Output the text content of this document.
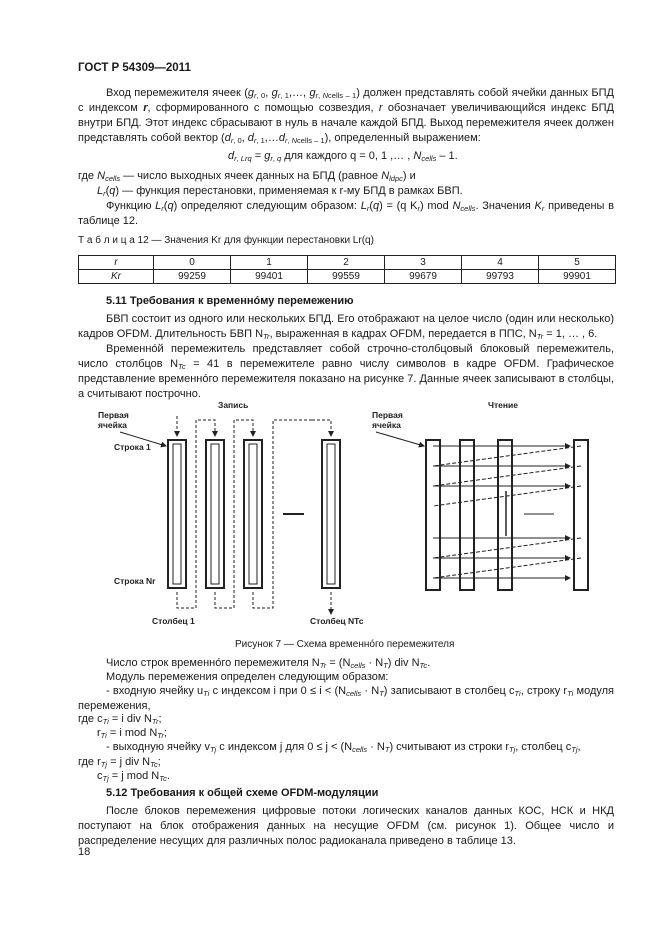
ГОСТ Р 54309—2011
Вход перемежителя ячеек ($g_{r, 0}$, $g_{r, 1},\dots$, $g_{r, Ncells - 1}$) должен представлять собой ячейки данных БПД с индексом r, сформированного с помощью созвездия, r обозначает увеличивающийся индекс БПД внутри БПД. Этот индекс сбрасывают в нуль в начале каждой БПД. Выход перемежителя ячеек должен представлять собой вектор ($d_{r, 0}$, $d_{r, 1},\dots d_{r, Ncells - 1}$), определенный выражением:
$d_{r, Lrq} = g_{r, q}$ для каждого q = 0, 1 ,… , $N_{cells} - 1$.
где $N_{cells}$ — число выходных ячеек данных на БПД (равное $N_{ldpc}$) и
$L_r(q)$ — функция перестановки, применяемая к r-му БПД в рамках БВП.
Функцию $L_r(q)$ определяют следующим образом: $L_r(q) = (q$ $K_r$) mod $N_{cells}$. Значения $K_r$ приведены в таблице 12.
Т а б л и ц а 12 — Значения Kr для функции перестановки Lr(q)
r	0	1	2	3	4	5
Kr	99259	99401	99559	99679	99793	99901
5.11 Требования к временнóму перемежению
БВП состоит из одного или нескольких БПД. Его отображают на целое число (один или несколько) кадров OFDM. Длительность БВП $N_{Tr}$, выраженная в кадрах OFDM, передается в ППС, $N_{Tr} = 1$, … , 6.
Временнóй перемежитель представляет собой строчно-столбцовый блоковый перемежитель, число столбцов $N_{Tc} = 41$ в перемежителе равно числу символов в кадре OFDM. Графическое представление временнóго перемежителя показано на рисунке 7. Данные ячеек записывают в столбцы, а считывают построчно.
Запись	Чтение
Первая
ячейка
Первая
ячейка
Строка 1
Строка Nr
Столбец 1	Столбец NTc
Рисунок 7 — Схема временнóго перемежителя
Число строк временнóго перемежителя $N_{Tr} = (N_{cells} \cdot N_T)$ div $N_{Tc}$.
Модуль перемежения определен следующим образом:
- входную ячейку $u_{Ti}$ с индексом i при $0 \le i < (N_{cells} \cdot N_T)$ записывают в столбец $c_{Ti}$, строку $r_{Ti}$ модуля перемежения,
где $c_{Ti} = i$ div $N_{Tr}$;
$r_{Ti} = i$ mod $N_{Tr}$;
- выходную ячейку $v_{Tj}$ с индексом j для $0 \le j < (N_{cells} \cdot N_T)$ считывают из строки $r_{Tj}$, столбец $c_{Tj}$,
где $r_{Tj} = j$ div $N_{Tc}$;
$c_{Tj} = j$ mod $N_{Tc}$.
5.12 Требования к общей схеме OFDM-модуляции
После блоков перемежения цифровые потоки логических каналов данных КОС, НСК и НКД поступают на блок отображения данных на несущие OFDM (см. рисунок 1). Общее число и распределение несущих для различных полос радиоканала приведено в таблице 13.
18
